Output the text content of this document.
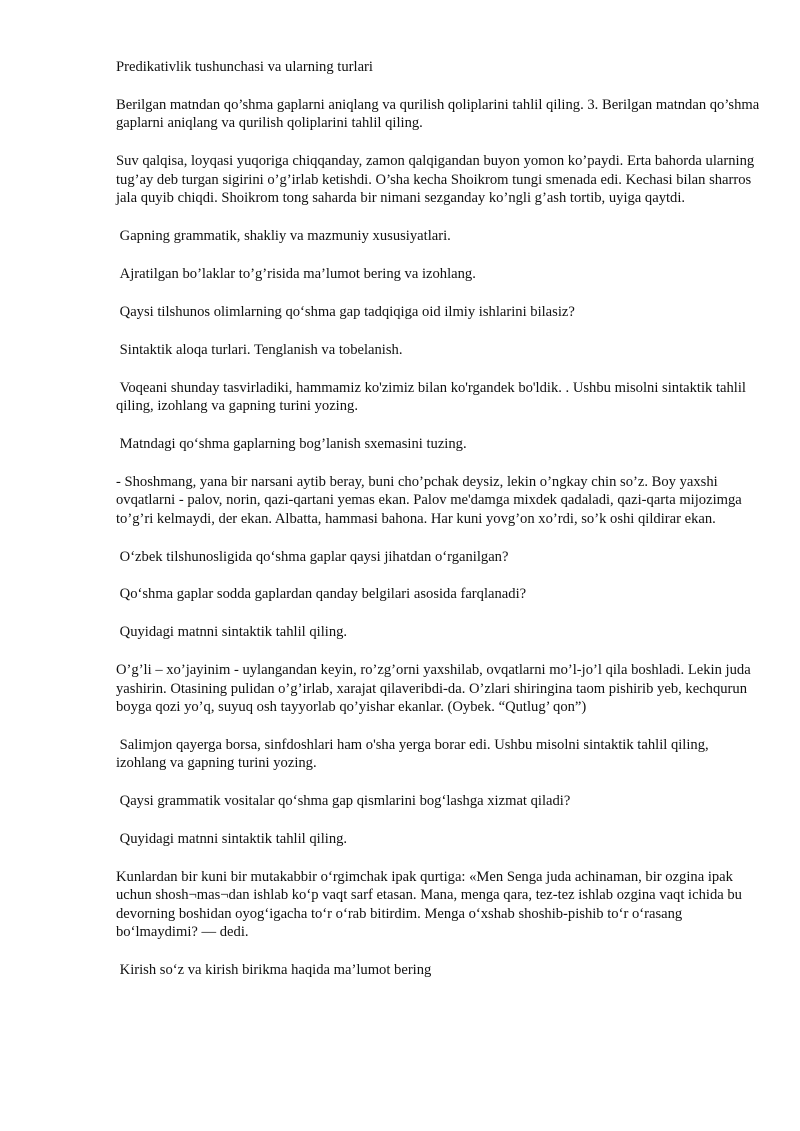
Predikativlik tushunchasi va ularning turlari

Berilgan matndan qo’shma gaplarni aniqlang va qurilish qoliplarini tahlil qiling. 3. Berilgan matndan qo’shma gaplarni aniqlang va qurilish qoliplarini tahlil qiling.

Suv qalqisa, loyqasi yuqoriga chiqqanday, zamon qalqigandan buyon yomon ko’paydi. Erta bahorda ularning tug’ay deb turgan sigirini o’g’irlab ketishdi. O’sha kecha Shoikrom tungi smenada edi. Kechasi bilan sharros jala quyib chiqdi. Shoikrom tong saharda bir nimani sezganday ko’ngli g’ash tortib, uyiga qaytdi.

Gapning grammatik, shakliy va mazmuniy xususiyatlari.

Ajratilgan bo’laklar to’g’risida ma’lumot bering va izohlang.

Qaysi tilshunos olimlarning qo‘shma gap tadqiqiga oid ilmiy ishlarini bilasiz?

Sintaktik aloqa turlari. Tenglanish va tobelanish.

Voqeani shunday tasvirladiki, hammamiz ko'zimiz bilan ko'rgandek bo'ldik. . Ushbu misolni sintaktik tahlil qiling, izohlang va gapning turini yozing.

Matndagi qo‘shma gaplarning bog’lanish sxemasini tuzing.

- Shoshmang, yana bir narsani aytib beray, buni cho’pchak deysiz, lekin o’ngkay chin so’z. Boy yaxshi ovqatlarni - palov, norin, qazi-qartani yemas ekan. Palov me'damga mixdek qadaladi, qazi-qarta mijozimga to’g’ri kelmaydi, der ekan. Albatta, hammasi bahona. Har kuni yovg’on xo’rdi, so’k oshi qildirar ekan.

O‘zbek tilshunosligida qo‘shma gaplar qaysi jihatdan o‘rganilgan?

Qo‘shma gaplar sodda gaplardan qanday belgilari asosida farqlanadi?

Quyidagi matnni sintaktik tahlil qiling.

O’g’li – xo’jayinim - uylangandan keyin, ro’zg’orni yaxshilab, ovqatlarni mo’l-jo’l qila boshladi. Lekin juda yashirin. Otasining pulidan o’g’irlab, xarajat qilaveribdi-da. O’zlari shiringina taom pishirib yeb, kechqurun boyga qozi yo’q, suyuq osh tayyorlab qo’yishar ekanlar. (Oybek. “Qutlug’ qon”)

Salimjon qayerga borsa, sinfdoshlari ham o'sha yerga borar edi. Ushbu misolni sintaktik tahlil qiling, izohlang va gapning turini yozing.

Qaysi grammatik vositalar qo‘shma gap qismlarini bog‘lashga xizmat qiladi?

Quyidagi matnni sintaktik tahlil qiling.

Kunlardan bir kuni bir mutakabbir o‘rgimchak ipak qurtiga: «Men Senga juda achinaman, bir ozgina ipak uchun shosh¬mas¬dan ishlab ko‘p vaqt sarf etasan. Mana, menga qara, tez-tez ishlab ozgina vaqt ichida bu devorning boshidan oyog‘igacha to‘r o‘rab bitirdim. Menga o‘xshab shoshib-pishib to‘r o‘rasang bo‘lmaydimi? — dedi.

Kirish so‘z va kirish birikma haqida ma’lumot bering
